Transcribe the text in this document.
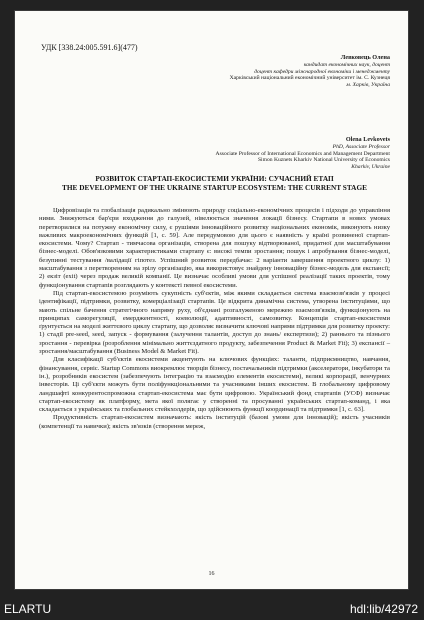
УДК [338.24:005.591.6](477)
Левковець Олена
кандидат економічних наук, доцент
доцент кафедри міжнародної економіки і менеджменту
Харківський національний економічний університет ім. С. Кузнеця
м. Харків, Україна
Olena Levkovets
PhD, Associate Professor
Associate Professor of International Economics and Management Department
Simon Kuznets Kharkiv National University of Economics
Kharkiv, Ukraine
РОЗВИТОК СТАРТАП-ЕКОСИСТЕМИ УКРАЇНИ: СУЧАСНИЙ ЕТАП
THE DEVELOPMENT OF THE UKRAINE STARTUP ECOSYSTEM: THE CURRENT STAGE

Цифровізація та глобалізація радикально змінюють природу соціально-економічних процесів і підходи до управління ними. Знижуються бар'єри входження до галузей, нівелюється значення локації бізнесу. Стартапи в нових умовах перетворилися на потужну економічну силу, є рушіями інноваційного розвитку національних економік, виконують низку важливих макроекономічних функцій [1, с. 59]. Але передумовою для цього є наявність у країні розвиненої стартап-екосистеми. Чому? Стартап - тимчасова організація, створена для пошуку відтворюваної, придатної для масштабування бізнес-моделі. Обов'язковими характеристиками стартапу є: високі темпи зростання; пошук і апробування бізнес-моделі, безупинні тестування /валідації гіпотез. Успішний розвиток передбачає: 2 варіанти завершення проектного циклу: 1) масштабування з перетворенням на зрілу організацію, яка використовує знайдену інноваційну бізнес-модель для експансії; 2) екзіт (exit) через продаж великій компанії. Це визначає особливі умови для успішної реалізації таких проектів, тому функціонування стартапів розглядають у контексті певної екосистеми.

Під стартап-екосистемою розуміють сукупність суб'єктів, між якими складається система взаємозв'язків у процесі ідентифікації, підтримки, розвитку, комерціалізації стартапів. Це відкрита динамічна система, утворена інституціями, що мають спільне бачення стратегічного напряму руху, об'єднані розгалуженою мережею взаємозв'язків, функціонують на принципах саморегуляції, емерджентності, коеволюції, адаптивності, самозвитку. Концепція стартап-екосистеми ґрунтується на моделі життєвого циклу стартапу, що дозволяє визначити ключові напрями підтримки для розвитку проекту: 1) стадії pre-seed, seed, запуск - формування (залучення талантів, доступ до знань/ експертизи); 2) раннього та пізнього зростання - перевірка (розроблення мінімально життєздатного продукту, забезпечення Product & Market Fit); 3) експансії – зростання/масштабування (Business Model & Market Fit).

Для класифікації суб'єктів екосистеми акцентують на ключових функціях: таланти, підприємництво, навчання, фінансування, сервіс. Startup Commons виокремлює творців бізнесу, постачальників підтримки (акселератори, інкубатори та ін.), розробників екосистем (забезпечують інтеграцію та взаємодію елементів екосистеми), великі корпорації, венчурних інвесторів. Ці суб'єкти можуть бути поліфункціональними та учасниками інших екосистем. В глобальному цифровому ландшафті конкурентоспроможна стартап-екосистема має бути цифровою. Український фонд стартапів (УСФ) визначає стартап-екосистему як платформу, мета якої полягає у створенні та просуванні українських стартап-команд, і яка складається з українських та глобальних стейкхолдерів, що здійснюють функції координації та підтримки [1, с. 63].

Продуктивність стартап-екосистем визначають: якість інституцій (базові умови для інновацій); якість учасників (компетенції та навички); якість зв'язків (створення мереж,

16
ELARTU	hdl:lib/42972
